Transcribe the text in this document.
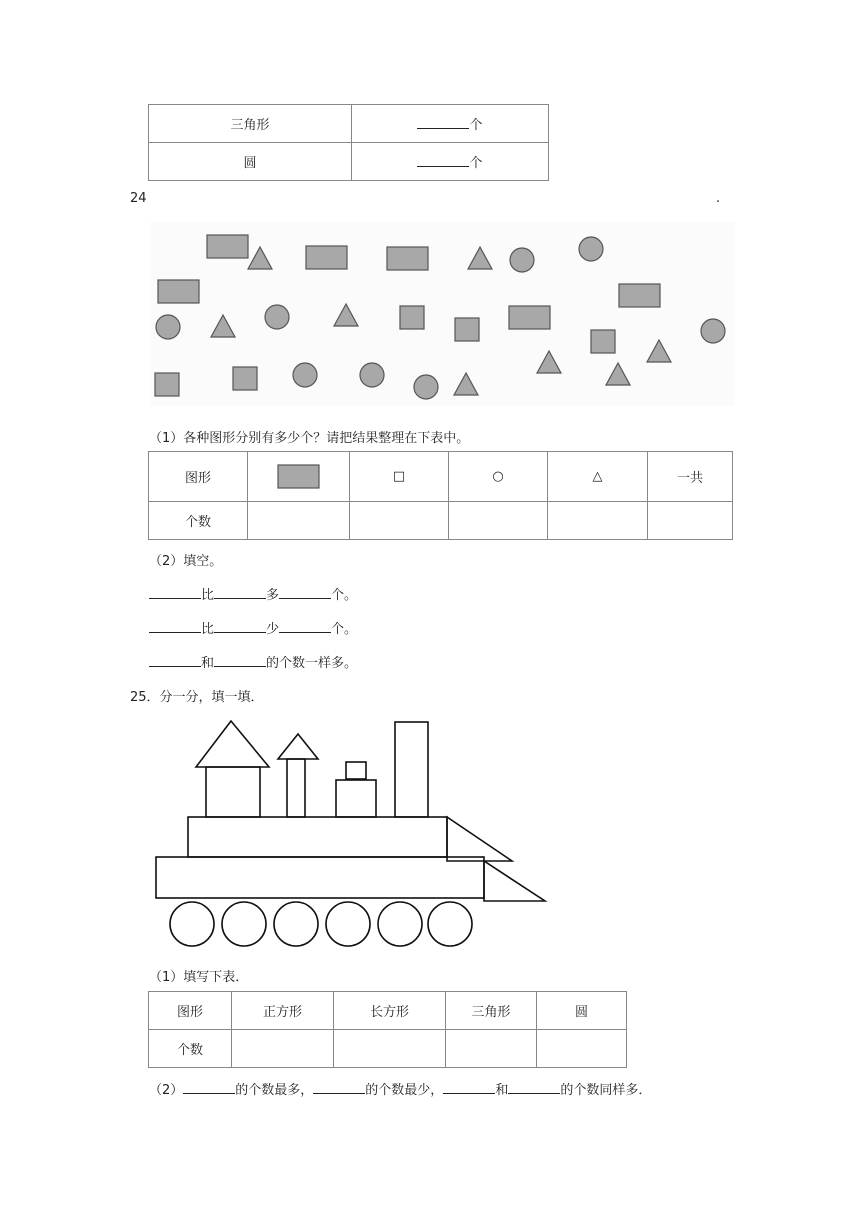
三角形	个
圆	个
24	.
（1）各种图形分别有多少个？请把结果整理在下表中。
图形		□	○	△	一共
个数					
（2）填空。
比	多	个。
比	少	个。
和	的个数一样多。
25．分一分，填一填．
（1）填写下表．
图形	正方形	长方形	三角形	圆
个数				
（2）	的个数最多，	的个数最少，	和	的个数同样多．
